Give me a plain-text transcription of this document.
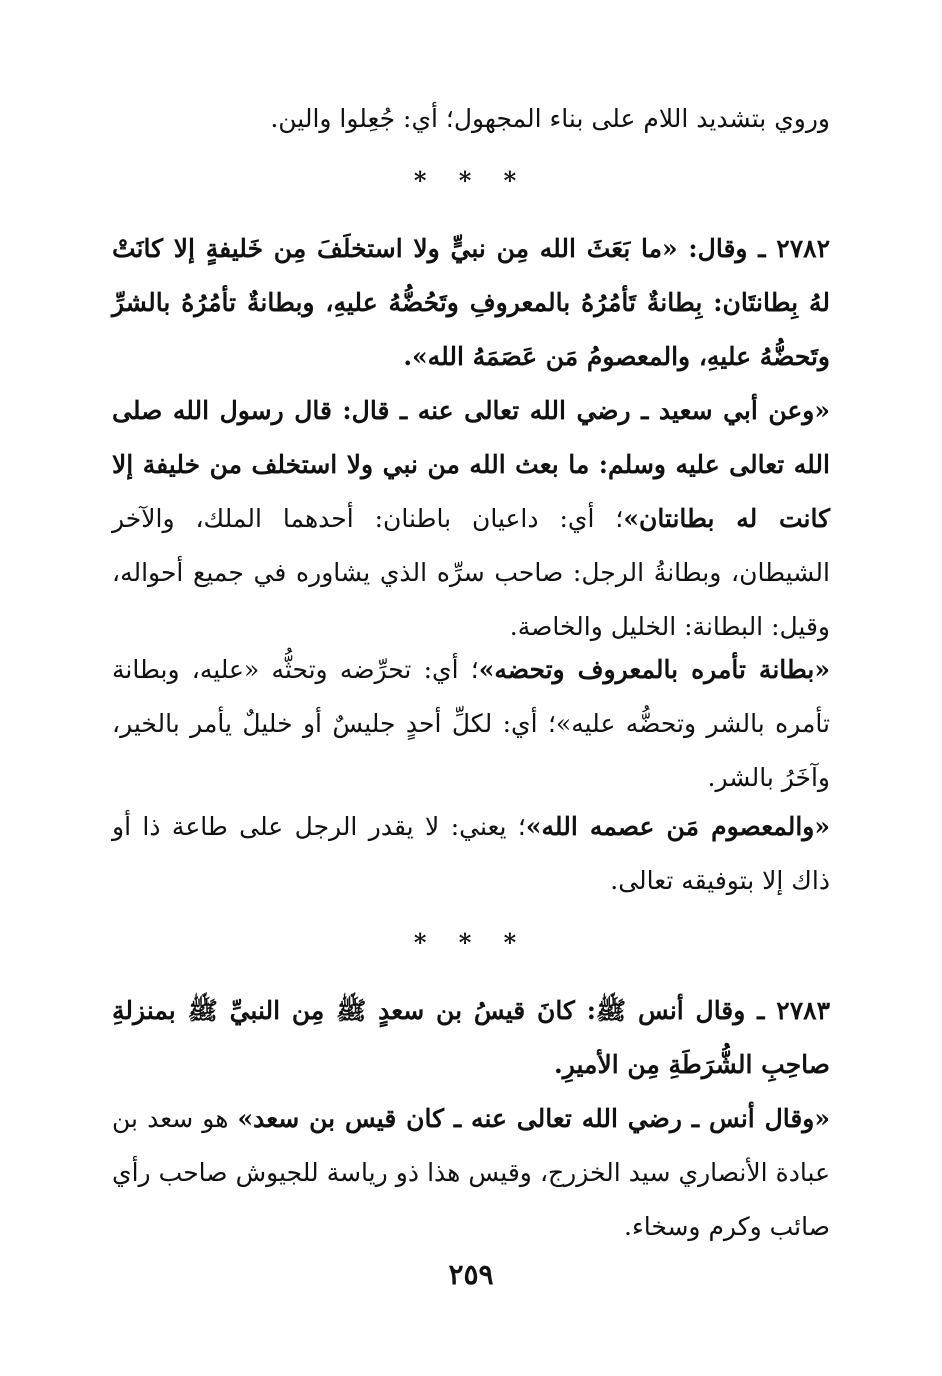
وروي بتشديد اللام على بناء المجهول؛ أي: جُعِلوا والين.

* * *

٢٧٨٢ ـ وقال: «ما بَعَثَ الله مِن نبيٍّ ولا استخلَفَ مِن خَليفةٍ إلا كانَتْ لهُ بِطانتَان: بِطانةٌ تَأمُرُهُ بالمعروفِ وتَحُضُّهُ عليهِ، وبطانةٌ تأمُرُهُ بالشرِّ وتَحضُّهُ عليهِ، والمعصومُ مَن عَصَمَهُ الله».

«وعن أبي سعيد ـ رضي الله تعالى عنه ـ قال: قال رسول الله صلى الله تعالى عليه وسلم: ما بعث الله من نبي ولا استخلف من خليفة إلا كانت له بطانتان»؛ أي: داعيان باطنان: أحدهما الملك، والآخر الشيطان، وبطانةُ الرجل: صاحب سرِّه الذي يشاوره في جميع أحواله، وقيل: البطانة: الخليل والخاصة.

«بطانة تأمره بالمعروف وتحضه»؛ أي: تحرِّضه وتحثُّه «عليه، وبطانة تأمره بالشر وتحضُّه عليه»؛ أي: لكلِّ أحدٍ جليسٌ أو خليلٌ يأمر بالخير، وآخَرُ بالشر.

«والمعصوم مَن عصمه الله»؛ يعني: لا يقدر الرجل على طاعة ذا أو ذاك إلا بتوفيقه تعالى.

* * *

٢٧٨٣ ـ وقال أنس ﷺ: كانَ قيسُ بن سعدٍ ﷺ مِن النبيِّ ﷺ بمنزلةِ صاحِبِ الشُّرَطَةِ مِن الأميرِ.

«وقال أنس ـ رضي الله تعالى عنه ـ كان قيس بن سعد» هو سعد بن عبادة الأنصاري سيد الخزرج، وقيس هذا ذو رياسة للجيوش صاحب رأي صائب وكرم وسخاء.

٢٥٩
